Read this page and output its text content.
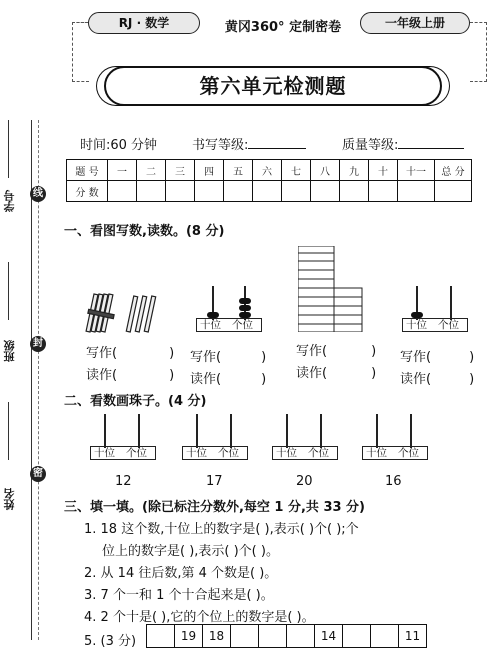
RJ · 数学	黄冈360° 定制密卷	一年级上册
第六单元检测题
线
封
密
学号
班级
姓名
时间:60 分钟	书写等级:	质量等级:
题 号	一	二	三	四	五	六	七	八	九	十	十一	总 分
分 数												
一、看图写数,读数。(8 分)
十位 个位	十位 个位
写作(	)
读作(	)
写作(	)
读作(	)
写作(	)
读作(	)
写作(	)
读作(	)
二、看数画珠子。(4 分)
十位 个位
12
十位 个位
17
十位 个位
20
十位 个位
16
三、填一填。(除已标注分数外,每空 1 分,共 33 分)
1. 18 这个数,十位上的数字是( ),表示( )个( );个
位上的数字是( ),表示( )个( )。
2. 从 14 往后数,第 4 个数是( )。
3. 7 个一和 1 个十合起来是( )。
4. 2 个十是( ),它的个位上的数字是( )。
5. (3 分)
		19	18				14			11
